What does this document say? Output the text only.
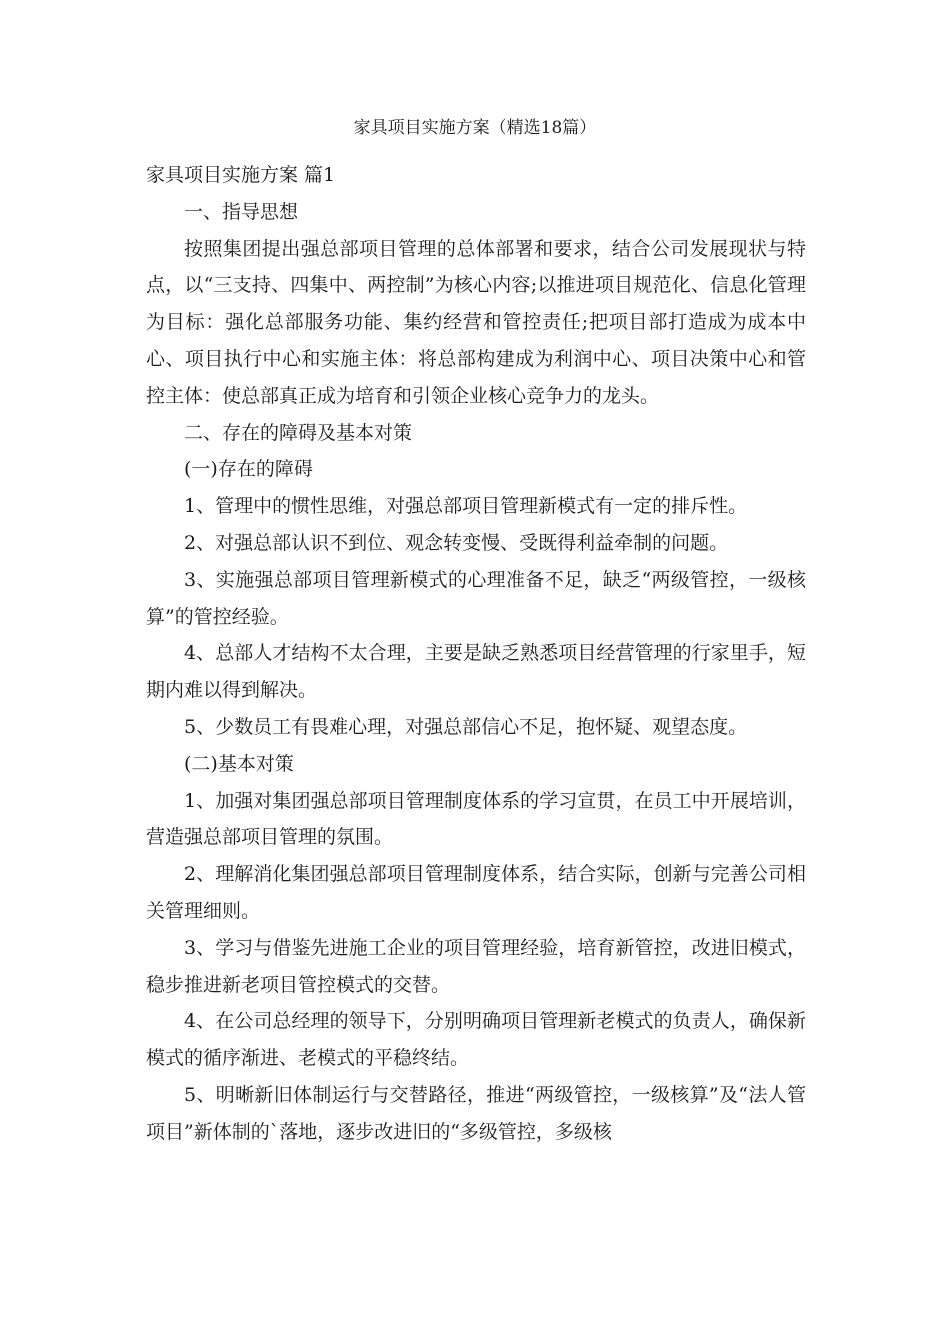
家具项目实施方案（精选18篇）

家具项目实施方案 篇1

一、指导思想

按照集团提出强总部项目管理的总体部署和要求，结合公司发展现状与特点，以“三支持、四集中、两控制”为核心内容;以推进项目规范化、信息化管理为目标：强化总部服务功能、集约经营和管控责任;把项目部打造成为成本中心、项目执行中心和实施主体：将总部构建成为利润中心、项目决策中心和管控主体：使总部真正成为培育和引领企业核心竞争力的龙头。

二、存在的障碍及基本对策

(一)存在的障碍

1、管理中的惯性思维，对强总部项目管理新模式有一定的排斥性。

2、对强总部认识不到位、观念转变慢、受既得利益牵制的问题。

3、实施强总部项目管理新模式的心理准备不足，缺乏“两级管控，一级核算”的管控经验。

4、总部人才结构不太合理，主要是缺乏熟悉项目经营管理的行家里手，短期内难以得到解决。

5、少数员工有畏难心理，对强总部信心不足，抱怀疑、观望态度。

(二)基本对策

1、加强对集团强总部项目管理制度体系的学习宣贯，在员工中开展培训，营造强总部项目管理的氛围。

2、理解消化集团强总部项目管理制度体系，结合实际，创新与完善公司相关管理细则。

3、学习与借鉴先进施工企业的项目管理经验，培育新管控，改进旧模式，稳步推进新老项目管控模式的交替。

4、在公司总经理的领导下，分别明确项目管理新老模式的负责人，确保新模式的循序渐进、老模式的平稳终结。

5、明晰新旧体制运行与交替路径，推进“两级管控，一级核算”及“法人管项目”新体制的`落地，逐步改进旧的“多级管控，多级核
